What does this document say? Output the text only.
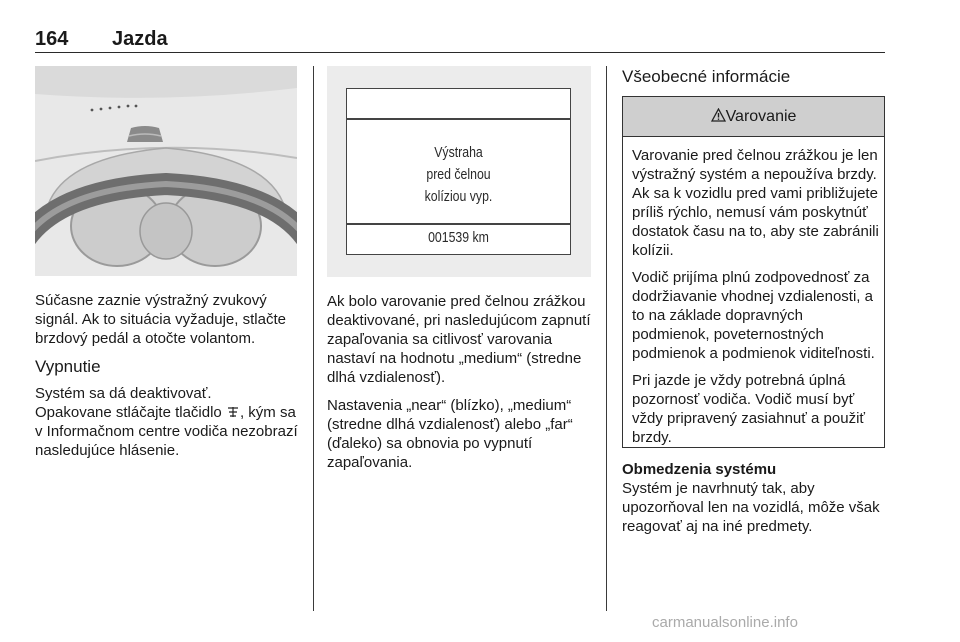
164 Jazda

Súčasne zaznie výstražný zvukový signál. Ak to situácia vyžaduje, stlačte brzdový pedál a otočte volantom.

Vypnutie

Systém sa dá deaktivovať.
Opakovane stláčajte tlačidlo , kým sa v Informačnom centre vodiča nezobrazí nasledujúce hlásenie.

Výstraha
pred čelnou
kolíziou vyp.
001539 km

Ak bolo varovanie pred čelnou zrážkou deaktivované, pri nasledujúcom zapnutí zapaľovania sa citlivosť varovania nastaví na hodnotu „medium“ (stredne dlhá vzdialenosť).

Nastavenia „near“ (blízko), „medium“ (stredne dlhá vzdialenosť) alebo „far“ (ďaleko) sa obnovia po vypnutí zapaľovania.

Všeobecné informácie
Varovanie

Varovanie pred čelnou zrážkou je len výstražný systém a nepoužíva brzdy. Ak sa k vozidlu pred vami približujete príliš rýchlo, nemusí vám poskytnúť dostatok času na to, aby ste zabránili kolízii.

Vodič prijíma plnú zodpovednosť za dodržiavanie vhodnej vzdialenosti, a to na základe dopravných podmienok, poveternostných podmienok a podmienok viditeľnosti.

Pri jazde je vždy potrebná úplná pozornosť vodiča. Vodič musí byť vždy pripravený zasiahnuť a použiť brzdy.

Obmedzenia systému

Systém je navrhnutý tak, aby upozorňoval len na vozidlá, môže však reagovať aj na iné predmety.

carmanualsonline.info
